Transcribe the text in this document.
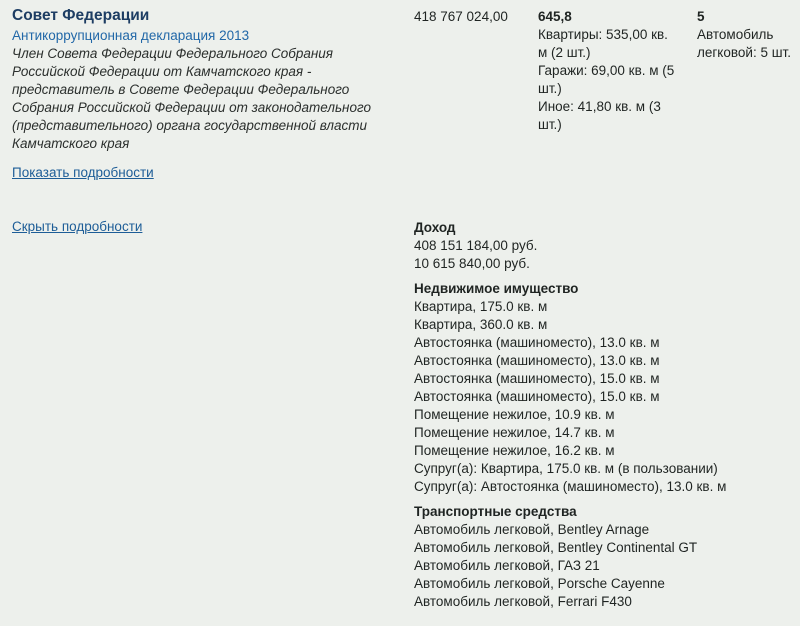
Совет Федерации
Антикоррупционная декларация 2013
Член Совета Федерации Федерального Собрания
Российской Федерации от Камчатского края -
представитель в Совете Федерации Федерального
Собрания Российской Федерации от законодательного
(представительного) органа государственной власти
Камчатского края
Показать подробности
418 767 024,00 645,8
Квартиры: 535,00 кв.
м (2 шт.)
Гаражи: 69,00 кв. м (5
шт.)
Иное: 41,80 кв. м (3
шт.)
5
Автомобиль
легковой: 5 шт.
Скрыть подробности	Доход
408 151 184,00 руб.
10 615 840,00 руб.
Недвижимое имущество
Квартира, 175.0 кв. м
Квартира, 360.0 кв. м
Автостоянка (машиноместо), 13.0 кв. м
Автостоянка (машиноместо), 13.0 кв. м
Автостоянка (машиноместо), 15.0 кв. м
Автостоянка (машиноместо), 15.0 кв. м
Помещение нежилое, 10.9 кв. м
Помещение нежилое, 14.7 кв. м
Помещение нежилое, 16.2 кв. м
Супруг(а): Квартира, 175.0 кв. м (в пользовании)
Супруг(а): Автостоянка (машиноместо), 13.0 кв. м
Транспортные средства
Автомобиль легковой, Bentley Arnage
Автомобиль легковой, Bentley Continental GT
Автомобиль легковой, ГАЗ 21
Автомобиль легковой, Porsche Cayenne
Автомобиль легковой, Ferrari F430
